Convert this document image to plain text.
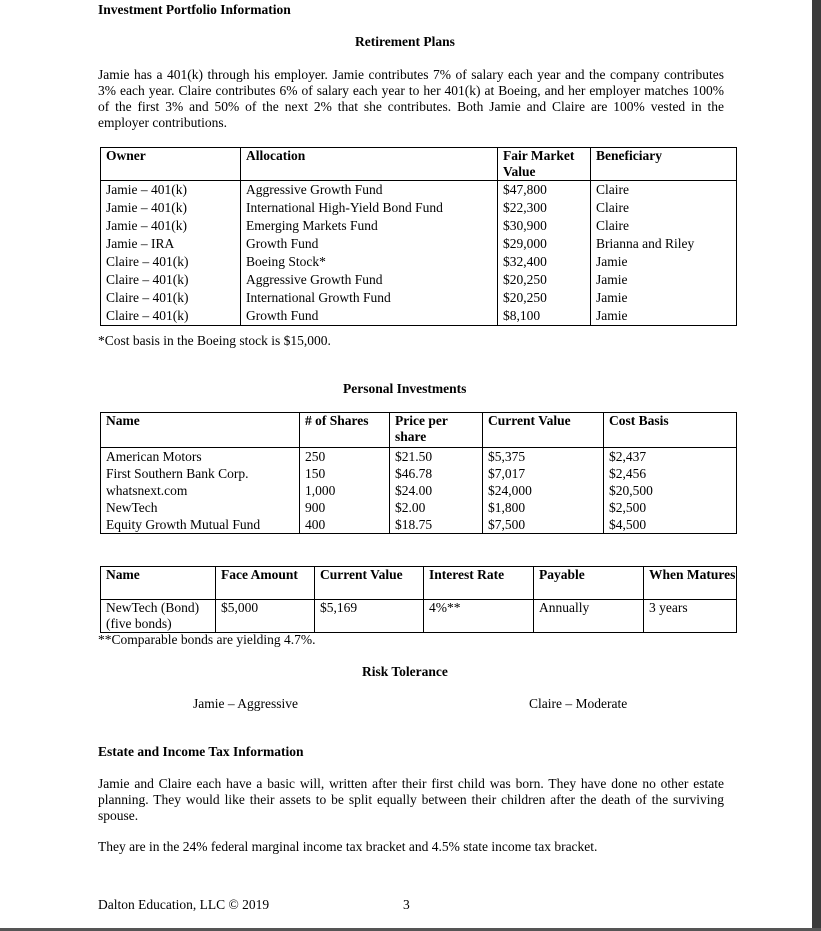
Investment Portfolio Information
Retirement Plans
Jamie has a 401(k) through his employer. Jamie contributes 7% of salary each year and the company contributes 3% each year. Claire contributes 6% of salary each year to her 401(k) at Boeing, and her employer matches 100% of the first 3% and 50% of the next 2% that she contributes. Both Jamie and Claire are 100% vested in the employer contributions.
Owner	Allocation	Fair Market Value	Beneficiary
Jamie – 401(k)	Aggressive Growth Fund	$47,800	Claire
Jamie – 401(k)	International High-Yield Bond Fund	$22,300	Claire
Jamie – 401(k)	Emerging Markets Fund	$30,900	Claire
Jamie – IRA	Growth Fund	$29,000	Brianna and Riley
Claire – 401(k)	Boeing Stock*	$32,400	Jamie
Claire – 401(k)	Aggressive Growth Fund	$20,250	Jamie
Claire – 401(k)	International Growth Fund	$20,250	Jamie
Claire – 401(k)	Growth Fund	$8,100	Jamie
*Cost basis in the Boeing stock is $15,000.
Personal Investments
Name	# of Shares	Price per share	Current Value	Cost Basis
American Motors	250	$21.50	$5,375	$2,437
First Southern Bank Corp.	150	$46.78	$7,017	$2,456
whatsnext.com	1,000	$24.00	$24,000	$20,500
NewTech	900	$2.00	$1,800	$2,500
Equity Growth Mutual Fund	400	$18.75	$7,500	$4,500
Name	Face Amount	Current Value	Interest Rate	Payable	When Matures

NewTech (Bond)
(five bonds)	$5,000	$5,169	4%**	Annually	3 years
**Comparable bonds are yielding 4.7%.
Risk Tolerance
Jamie – Aggressive	Claire – Moderate
Estate and Income Tax Information
Jamie and Claire each have a basic will, written after their first child was born. They have done no other estate planning. They would like their assets to be split equally between their children after the death of the surviving spouse.
They are in the 24% federal marginal income tax bracket and 4.5% state income tax bracket.
Dalton Education, LLC © 2019	3
